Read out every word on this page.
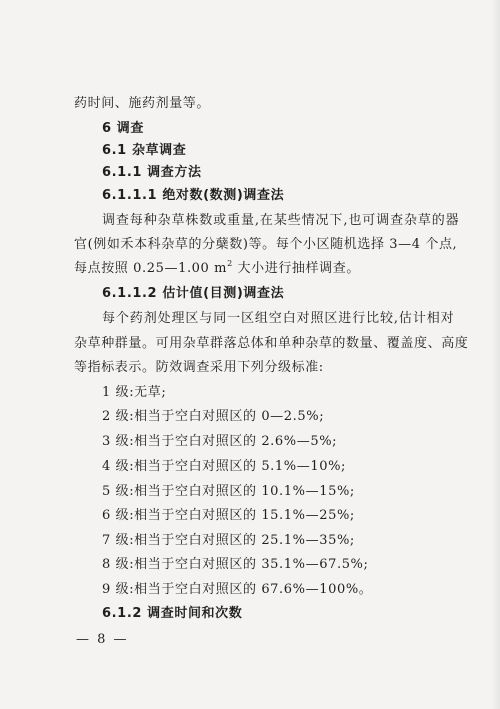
药时间、施药剂量等。
6 调查
6.1 杂草调查
6.1.1 调查方法
6.1.1.1 绝对数(数测)调查法
调查每种杂草株数或重量,在某些情况下,也可调查杂草的器
官(例如禾本科杂草的分蘖数)等。每个小区随机选择 3—4 个点,
每点按照 0.25—1.00 $m^2$ 大小进行抽样调查。
6.1.1.2 估计值(目测)调查法
每个药剂处理区与同一区组空白对照区进行比较,估计相对
杂草种群量。可用杂草群落总体和单种杂草的数量、覆盖度、高度
等指标表示。防效调查采用下列分级标准:
1 级:无草;
2 级:相当于空白对照区的 0—2.5%;
3 级:相当于空白对照区的 2.6%—5%;
4 级:相当于空白对照区的 5.1%—10%;
5 级:相当于空白对照区的 10.1%—15%;
6 级:相当于空白对照区的 15.1%—25%;
7 级:相当于空白对照区的 25.1%—35%;
8 级:相当于空白对照区的 35.1%—67.5%;
9 级:相当于空白对照区的 67.6%—100%。
6.1.2 调查时间和次数
— 8 —
